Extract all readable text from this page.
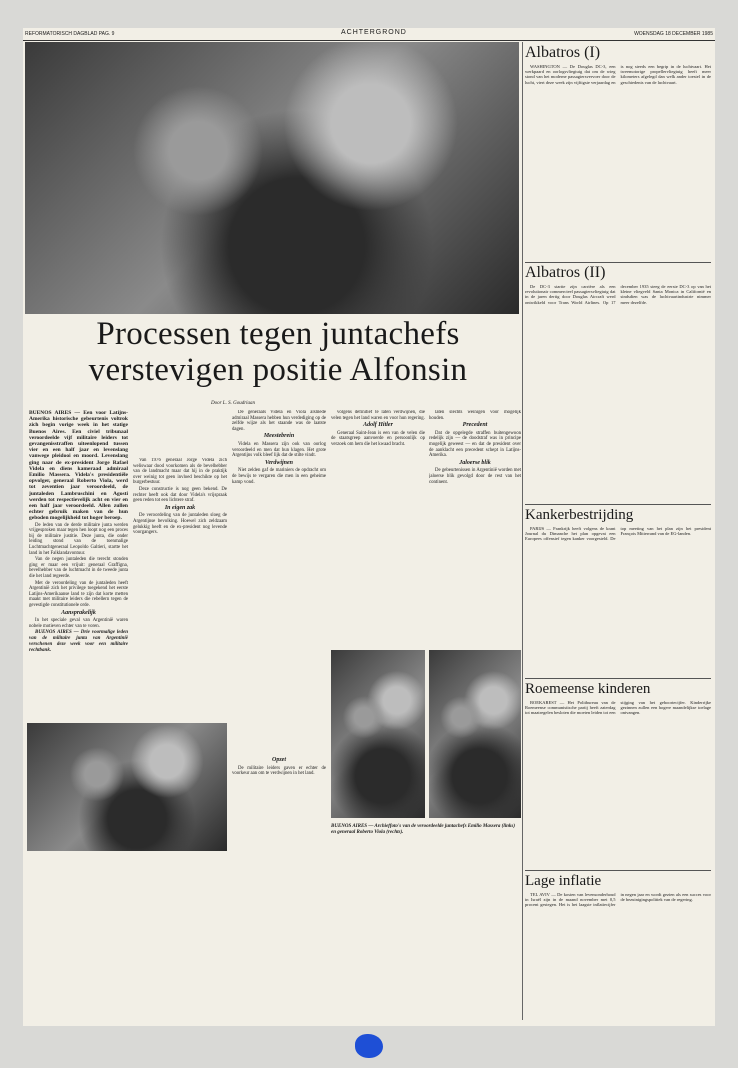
REFORMATORISCH DAGBLAD PAG. 9	ACHTERGROND	WOENSDAG 18 DECEMBER 1985
Processen tegen juntachefs
verstevigen positie Alfonsin
Door L. S. Goudriaan

BUENOS AIRES — Een voor Latijns-Amerika historische gebeurtenis voltrok zich begin vorige week in het statige Buenos Aires. Een civiel tribunaal veroordeelde vijf militaire leiders tot gevangenisstraffen uiteenlopend tussen vier en een half jaar en levenslang vanwege pleidooi en moord. Levenslang ging naar de ex-president Jorge Rafael Videla en diens kameraad admiraal Emilio Massera. Videla's presidentiële opvolger, generaal Roberto Viola, werd tot zeventien jaar veroordeeld, de juntaleden Lambruschini en Agosti werden tot respectievelijk acht en vier en een half jaar veroordeeld. Allen zullen echter gebruik maken van de hun geboden mogelijkheid tot hoger beroep.

De leden van de derde militaire junta werden vrijgesproken maar tegen hen loopt nog een proces bij de militaire justitie. Deze junta, die onder leiding stond van de toenmalige Luchtmachtgeneraal Leopoldo Galtieri, startte het land in het Falklandavontuur.

Van de negen juntaleden die terecht stonden ging er maar een vrijuit: generaal Graffigna, bevelhebber van de luchtmacht in de tweede junta die het land regeerde.

Met de veroordeling van de juntaleden heeft Argentinië zich het privilege toegekend het eerste Latijns-Amerikaanse land te zijn dat korte metten maakt met militaire leiders die rebellern tegen de gevestigde constitutionele orde.

Aansprakelijk

In het speciale geval van Argentinië waren nobele motieven echter van te voren.

BUENOS AIRES — Drie voormalige leden van de militaire junta van Argentinië verschenen deze week voor een militaire rechtbank.

Van 1976 generaal Jorge Videla zich weliswaar dood voorkomen als de bevelhebber van de landmacht maar dat hij in de praktijk over weinig tot geen invloed beschikte op het burgerbestuur.

Deze constructie is nog geen bekend. De rechter heeft ook dat door Videla's vrijspraak geen reden tot een lichtere straf.

In eigen zak

De veroordeling van de juntaleden sloeg de Argentijnse bevolking. Hoewel zich zeldzaam gelukkig heeft en de ex-president nog levende voorgangers.

De generaals Videla en Viola alsmede admiraal Massera hebben hun verdediging op de zelfde wijze als het staande was de laatste dagen.

Meestebrein

Videla en Massera zijn ook van oorlog veroordeeld en men dat hun klagen. Het grote Argentijns volk bleef lijk dat de stilte vindt.

Verdwijnen

Niet zelden gaf de mariniers de opdracht om de bewijs te vergaren die men in een geheime kamp vond.

Opzet

De militaire leiders gaven er echter de voorkeur aan om te verdwijnen in het land.

volgens definitief te laten verdwijnen, die velen tegen het land waren en voor hun regering.

Adolf Hitler

Generaal Saint-Jean is een van de velen die de staatsgreep aanvoerde en persoonlijk op verzoek om hem die het kwaad bracht.

laten slechts weinigen voor mogelijk houden.

Precedent

Dat de opgelegde straffen buitengewoon redelijk zijn — de doodstraf was in principe mogelijk geweest — en dat de president over de aanklacht een precedent schept in Latijns-Amerika.

Jaloerse blik

De gebeurtenissen in Argentinië worden met jaloerse blik gevolgd door de rest van het continent.

BUENOS AIRES — Archieffoto's van de veroordeelde juntachefs Emilio Massera (links) en generaal Roberto Viola (rechts).
Albatros (I)

WASHINGTON — De Douglas DC-3, een werkpaard en oorlogsvliegtuig dat om de wieg stond van het moderne passagiersvervoer door de lucht, viert deze week zijn vijftigste verjaardag en is nog steeds een begrip in de luchtvaart. Het tweemotorige propellervliegtuig heeft meer kilometers afgelegd dan welk ander toestel in de geschiedenis van de luchtvaart.

Albatros (II)

De DC-3 startte zijn carrière als een revolutionair commercieel passagiersvliegtuig dat in de jaren dertig door Douglas Aircraft werd ontwikkeld voor Trans World Airlines. Op 17 december 1935 steeg de eerste DC-3 op van het kleine vliegveld Santa Monica in Californië en sindsdien was de luchtvaartindustrie nimmer meer dezelfde.

Kankerbestrijding

PARIJS — Frankrijk heeft volgens de krant Journal du Dimanche het plan opgevat een Europees offensief tegen kanker voorgesteld. De top meeting van het plan zijn het president François Mitterrand van de EG-landen.

Roemeense kinderen

BOEKAREST — Het Politbureau van de Roemeense communistische partij heeft zaterdag tot maatregelen besloten die moeten leiden tot een stijging van het geboortecijfer. Kinderrijke gezinnen zullen een hogere maandelijkse toelage ontvangen.

Lage inflatie

TEL AVIV — De kosten van levensonderhoud in Israël zijn in de maand november met 0,5 procent gestegen. Het is het laagste inflatiecijfer in negen jaar en wordt gezien als een succes voor de bezuinigingspolitiek van de regering.
